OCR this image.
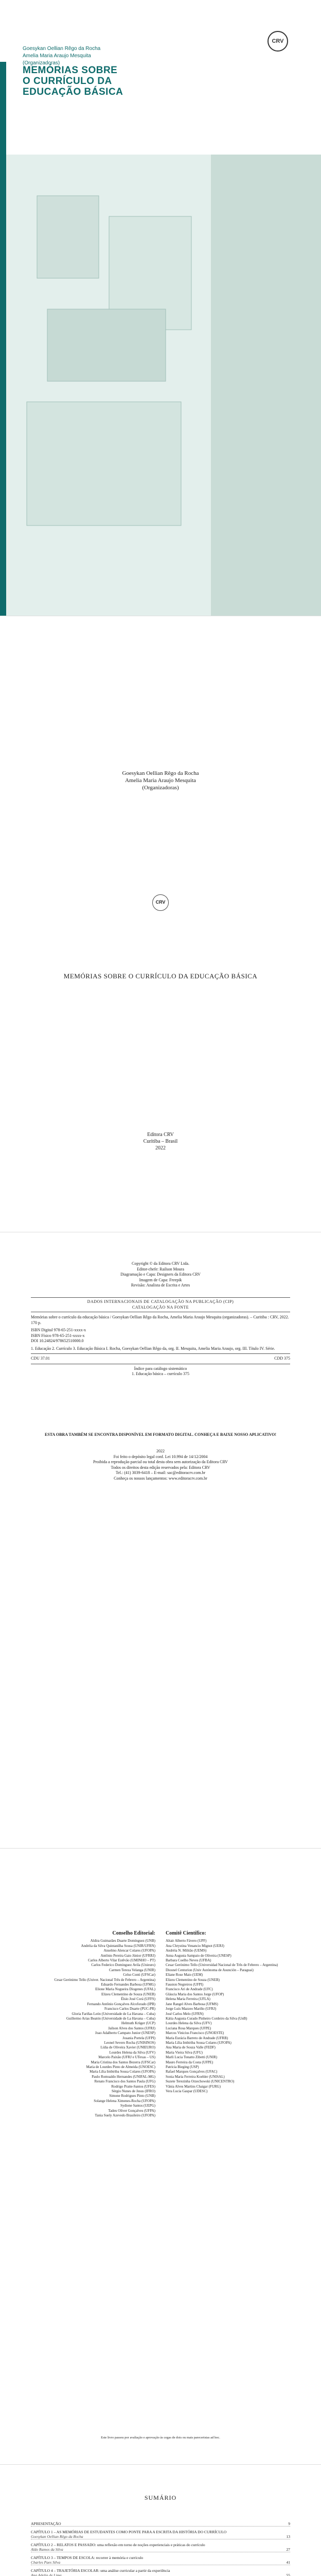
Goesykan Oellian Rêgo da Rocha
Amelia Maria Araujo Mesquita
(Organizadoras)
MEMÓRIAS SOBRE
O CURRÍCULO DA
EDUCAÇÃO BÁSICA
CRV
Goesykan Oellian Rêgo da Rocha
Amelia Maria Araujo Mesquita
(Organizadoras)
CRV
MEMÓRIAS SOBRE O CURRÍCULO DA EDUCAÇÃO BÁSICA
Editora CRV
Curitiba – Brasil
2022
Copyright © da Editora CRV Ltda.
Editor-chefe: Railson Moura
Diagramação e Capa: Designers da Editora CRV
Imagem de Capa: Freepik
Revisão: Analista de Escrita e Artes
DADOS INTERNACIONAIS DE CATALOGAÇÃO NA PUBLICAÇÃO (CIP)
CATALOGAÇÃO NA FONTE
Memórias sobre o currículo da educação básica / Goesykan Oellian Rêgo da Rocha, Amelia Maria Araujo Mesquita (organizadoras). – Curitiba : CRV, 2022. 170 p.
ISBN Digital 978-65-251-xxxx-x
ISBN Físico 978-65-251-xxxx-x
DOI 10.24824/978652510000.0
1. Educação 2. Currículo 3. Educação Básica I. Rocha, Goesykan Oellian Rêgo da, org. II. Mesquita, Amelia Maria Araujo, org. III. Título IV. Série.
CDU 37.01	CDD 375
Índice para catálogo sistemático
1. Educação básica – currículo 375
ESTA OBRA TAMBÉM SE ENCONTRA DISPONÍVEL EM FORMATO DIGITAL. CONHEÇA E BAIXE NOSSO APLICATIVO!
2022
Foi feito o depósito legal conf. Lei 10.994 de 14/12/2004
Proibida a reprodução parcial ou total desta obra sem autorização da Editora CRV
Todos os direitos desta edição reservados pela: Editora CRV
Tel.: (41) 3039-6418 – E-mail: sac@editoracrv.com.br
Conheça os nossos lançamentos: www.editoracrv.com.br
Conselho Editorial:
Aldira Guimarães Duarte Domínguez (UNB)
Andréia da Silva Quintanilha Sousa (UNIR/UFRN)
Anselmo Alencar Colares (UFOPA)
Antônio Pereira Gaio Júnior (UFRRJ)
Carlos Alberto Vilar Estêvão (UMINHO – PT)
Carlos Federico Dominguez Avila (Unieuro)
Carmen Tereza Velanga (UNIR)
Celso Conti (UFSCar)
Cesar Gerónimo Tello (Univer. Nacional Três de Febrero – Argentina)
Eduardo Fernandes Barbosa (UFMG)
Elione Maria Nogueira Diogenes (UFAL)
Elizeu Clementino de Souza (UNEB)
Élsio José Corá (UFFS)
Fernando Antônio Gonçalves Alcoforado (IPB)
Francisco Carlos Duarte (PUC-PR)
Gloria Fariñas León (Universidade de La Havana – Cuba)
Guillermo Arias Beatón (Universidade de La Havana – Cuba)
Helmuth Krüger (UCP)
Jailson Alves dos Santos (UFRJ)
Joao Adalberto Campato Junior (UNESP)
Josania Portela (UFPI)
Leonel Severo Rocha (UNISINOS)
Lídia de Oliveira Xavier (UNIEURO)
Lourdes Helena da Silva (UFV)
Marcelo Paixão (UFRJ e UTexas – US)
Maria Cristina dos Santos Bezerra (UFSCar)
Maria de Lourdes Pinto de Almeida (UNOESC)
Maria Lília Imbiriba Sousa Colares (UFOPA)
Paulo Romualdo Hernandes (UNIFAL-MG)
Renato Francisco dos Santos Paula (UFG)
Rodrigo Pratte-Santos (UFES)
Sérgio Nunes de Jesus (IFRO)
Simone Rodrigues Pinto (UNB)
Solange Helena Ximenes-Rocha (UFOPA)
Sydione Santos (UEPG)
Tadeu Oliver Gonçalves (UFPA)
Tania Suely Azevedo Brasileiro (UFOPA)
Comitê Científico:
Altair Alberto Fávero (UPF)
Ana Chrystina Venancio Mignot (UERJ)
Andréia N. Militão (UEMS)
Anna Augusta Sampaio de Oliveira (UNESP)
Barbara Coelho Neves (UFBA)
Cesar Gerónimo Tello (Universidad Nacional de Três de Febrero – Argentina)
Diosnel Centurion (Univ Autónoma de Asunción – Paraguai)
Eliane Rose Maio (UEM)
Elizeu Clementino de Souza (UNEB)
Fauston Negreiros (UFPI)
Francisco Ari de Andrade (UFC)
Gláucia Maria dos Santos Jorge (UFOP)
Helena Maria Ferreira (UFLA)
Jane Rangel Alves Barbosa (UFMS)
Jorge Luís Mazzeo Mariño (UFRJ)
José Carlos Melo (UFRN)
Kátia Augusta Curado Pinheiro Cordeiro da Silva (UnB)
Lourdes Helena da Silva (UFV)
Luciana Rosa Marques (UFPE)
Marcos Vinicius Francisco (UNOESTE)
Maria Eurácia Barreto de Andrade (UFRB)
Maria Lília Imbiriba Sousa Colares (UFOPA)
Ana Maria de Souza Valle (FEDF)
Maria Vieira Silva (UFU)
Marli Lucia Tonatto Zibetti (UNIR)
Mauro Ferreira da Costa (UFPE)
Patricia Bieging (USP)
Rafael Marques Gonçalves (UFAC)
Sonia Maria Ferreira Koehler (UNISAL)
Suzete Terezinha Orzechowski (UNICENTRO)
Vânia Alves Martins Chaigar (FURG)
Vera Lucia Gaspar (UDESC)
Este livro passou por avaliação e aprovação às cegas de dois ou mais pareceristas ad hoc.
SUMÁRIO
APRESENTAÇÃO	9
CAPÍTULO 1 – AS MEMÓRIAS DE ESTUDANTES COMO PONTE PARA A ESCRITA DA HISTÓRIA DO CURRÍCULO
Goesykan Oellian Rêgo da Rocha	13
CAPÍTULO 2 – RELATOS E PASSADO: uma reflexão em torno de noções experienciais e práticas do currículo
Aldo Ramos da Silva	27
CAPÍTULO 3 – TEMPOS DE ESCOLA: recorrer à memória e currículo
Charles Paes Silva	41
CAPÍTULO 4 – TRAJETÓRIA ESCOLAR: uma análise curricular a partir da experiência
Ana Adelia de Lima	55
